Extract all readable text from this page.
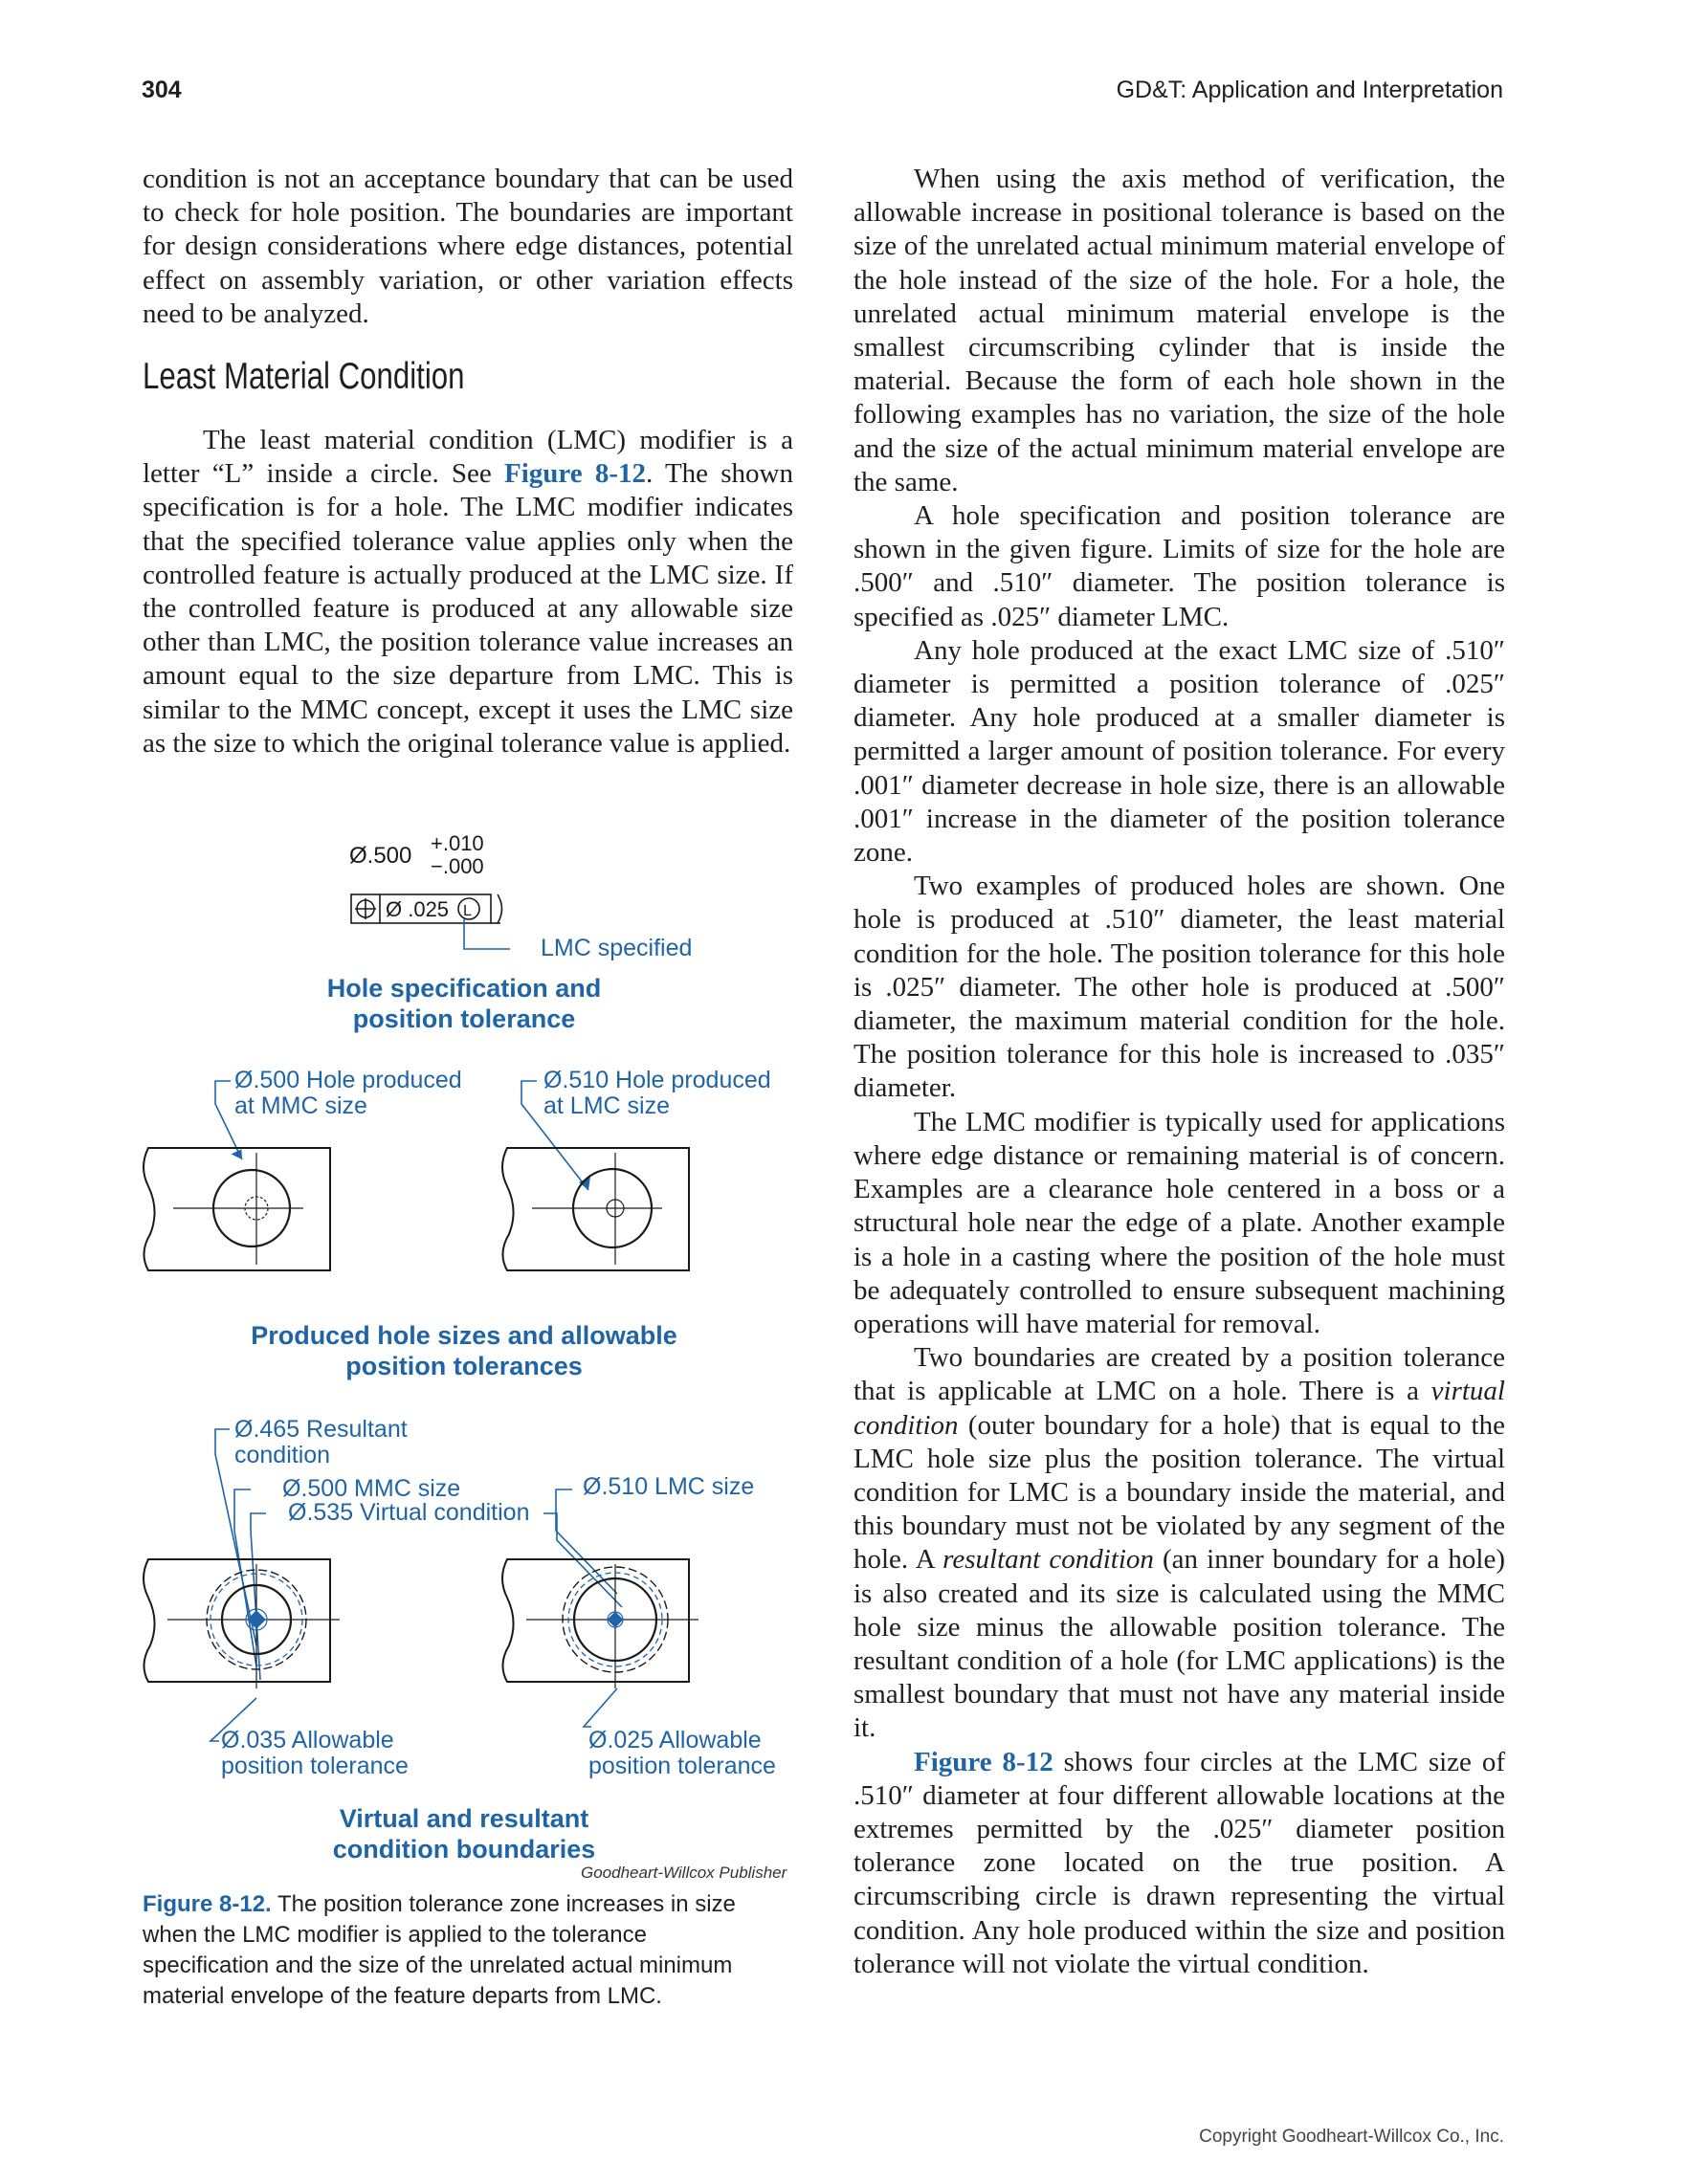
304	GD&T: Application and Interpretation

condition is not an acceptance boundary that can be used to check for hole position. The boundaries are important for design considerations where edge distances, potential effect on assembly variation, or other variation effects need to be analyzed.

Least Material Condition

The least material condition (LMC) modifier is a letter “L” inside a circle. See Figure 8-12. The shown specification is for a hole. The LMC modifier indicates that the specified tolerance value applies only when the controlled feature is actually produced at the LMC size. If the controlled feature is produced at any allowable size other than LMC, the position tolerance value increases an amount equal to the size departure from LMC. This is similar to the MMC concept, except it uses the LMC size as the size to which the original tolerance value is applied.

Ø.500 +.010
−.000
Ø .025 L
LMC specified
Hole specification and
position tolerance
Ø.500 Hole produced
at MMC size
Ø.510 Hole produced
at LMC size
Produced hole sizes and allowable
position tolerances
Ø.465 Resultant
condition
Ø.500 MMC size	Ø.510 LMC size
Ø.535 Virtual condition
Ø.035 Allowable
position tolerance
Ø.025 Allowable
position tolerance
Virtual and resultant
condition boundaries
Goodheart-Willcox Publisher
Figure 8-12. The position tolerance zone increases in size when the LMC modifier is applied to the tolerance specification and the size of the unrelated actual minimum material envelope of the feature departs from LMC.

When using the axis method of verification, the allowable increase in positional tolerance is based on the size of the unrelated actual minimum material envelope of the hole instead of the size of the hole. For a hole, the unrelated actual minimum material envelope is the smallest circumscribing cylinder that is inside the material. Because the form of each hole shown in the following examples has no variation, the size of the hole and the size of the actual minimum material envelope are the same.

A hole specification and position tolerance are shown in the given figure. Limits of size for the hole are .500″ and .510″ diameter. The position tolerance is specified as .025″ diameter LMC.

Any hole produced at the exact LMC size of .510″ diameter is permitted a position tolerance of .025″ diameter. Any hole produced at a smaller diameter is permitted a larger amount of position tolerance. For every .001″ diameter decrease in hole size, there is an allowable .001″ increase in the diameter of the position tolerance zone.

Two examples of produced holes are shown. One hole is produced at .510″ diameter, the least material condition for the hole. The position tolerance for this hole is .025″ diameter. The other hole is produced at .500″ diameter, the maximum material condition for the hole. The position tolerance for this hole is increased to .035″ diameter.

The LMC modifier is typically used for applications where edge distance or remaining material is of concern. Examples are a clearance hole centered in a boss or a structural hole near the edge of a plate. Another example is a hole in a casting where the position of the hole must be adequately controlled to ensure subsequent machining operations will have material for removal.

Two boundaries are created by a position tolerance that is applicable at LMC on a hole. There is a virtual condition (outer boundary for a hole) that is equal to the LMC hole size plus the position tolerance. The virtual condition for LMC is a boundary inside the material, and this boundary must not be violated by any segment of the hole. A resultant condition (an inner boundary for a hole) is also created and its size is calculated using the MMC hole size minus the allowable position tolerance. The resultant condition of a hole (for LMC applications) is the smallest boundary that must not have any material inside it.

Figure 8-12 shows four circles at the LMC size of .510″ diameter at four different allowable locations at the extremes permitted by the .025″ diameter position tolerance zone located on the true position. A circumscribing circle is drawn representing the virtual condition. Any hole produced within the size and position tolerance will not violate the virtual condition.

Copyright Goodheart-Willcox Co., Inc.
